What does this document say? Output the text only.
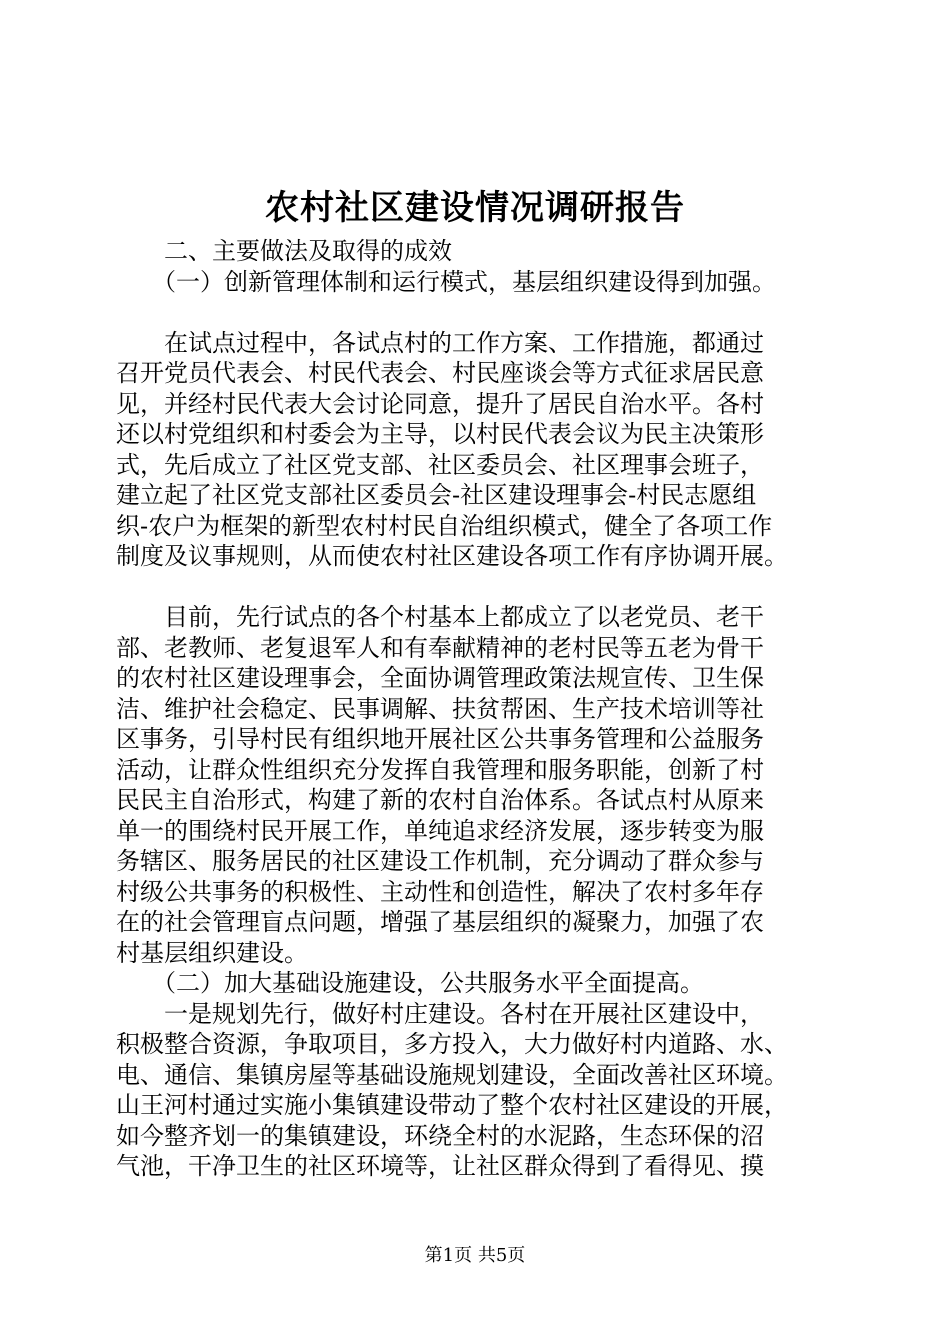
农村社区建设情况调研报告
　　二、主要做法及取得的成效
　　（一）创新管理体制和运行模式，基层组织建设得到加强。
　　在试点过程中，各试点村的工作方案、工作措施，都通过
召开党员代表会、村民代表会、村民座谈会等方式征求居民意
见，并经村民代表大会讨论同意，提升了居民自治水平。各村
还以村党组织和村委会为主导，以村民代表会议为民主决策形
式，先后成立了社区党支部、社区委员会、社区理事会班子，
建立起了社区党支部社区委员会-社区建设理事会-村民志愿组
织-农户为框架的新型农村村民自治组织模式，健全了各项工作
制度及议事规则，从而使农村社区建设各项工作有序协调开展。
　　目前，先行试点的各个村基本上都成立了以老党员、老干
部、老教师、老复退军人和有奉献精神的老村民等五老为骨干
的农村社区建设理事会，全面协调管理政策法规宣传、卫生保
洁、维护社会稳定、民事调解、扶贫帮困、生产技术培训等社
区事务，引导村民有组织地开展社区公共事务管理和公益服务
活动，让群众性组织充分发挥自我管理和服务职能，创新了村
民民主自治形式，构建了新的农村自治体系。各试点村从原来
单一的围绕村民开展工作，单纯追求经济发展，逐步转变为服
务辖区、服务居民的社区建设工作机制，充分调动了群众参与
村级公共事务的积极性、主动性和创造性，解决了农村多年存
在的社会管理盲点问题，增强了基层组织的凝聚力，加强了农
村基层组织建设。
　　（二）加大基础设施建设，公共服务水平全面提高。
　　一是规划先行，做好村庄建设。各村在开展社区建设中，
积极整合资源，争取项目，多方投入，大力做好村内道路、水、
电、通信、集镇房屋等基础设施规划建设，全面改善社区环境。
山王河村通过实施小集镇建设带动了整个农村社区建设的开展，
如今整齐划一的集镇建设，环绕全村的水泥路，生态环保的沼
气池，干净卫生的社区环境等，让社区群众得到了看得见、摸
第1页 共5页
